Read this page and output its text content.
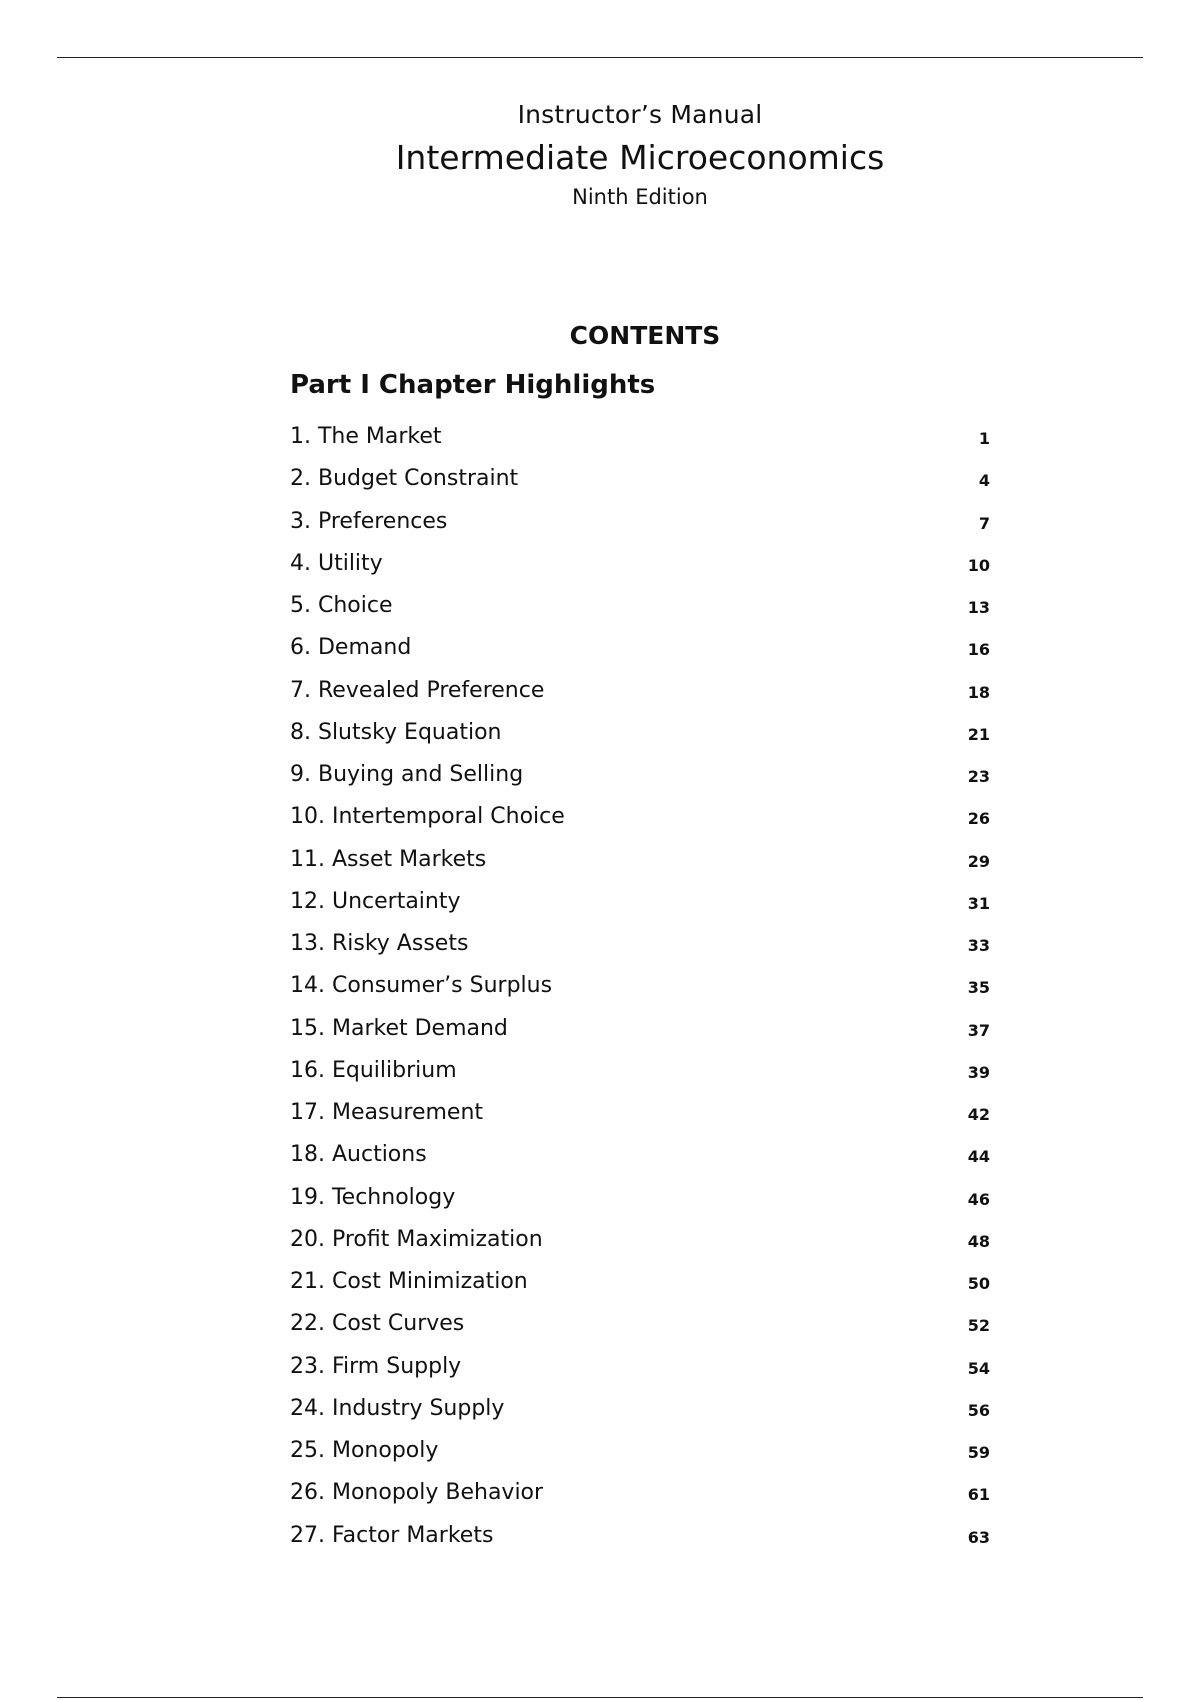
Instructor’s Manual
Intermediate Microeconomics
Ninth Edition
CONTENTS
Part I Chapter Highlights
1. The Market	1
2. Budget Constraint	4
3. Preferences	7
4. Utility	10
5. Choice	13
6. Demand	16
7. Revealed Preference	18
8. Slutsky Equation	21
9. Buying and Selling	23
10. Intertemporal Choice	26
11. Asset Markets	29
12. Uncertainty	31
13. Risky Assets	33
14. Consumer’s Surplus	35
15. Market Demand	37
16. Equilibrium	39
17. Measurement	42
18. Auctions	44
19. Technology	46
20. Profit Maximization	48
21. Cost Minimization	50
22. Cost Curves	52
23. Firm Supply	54
24. Industry Supply	56
25. Monopoly	59
26. Monopoly Behavior	61
27. Factor Markets	63
